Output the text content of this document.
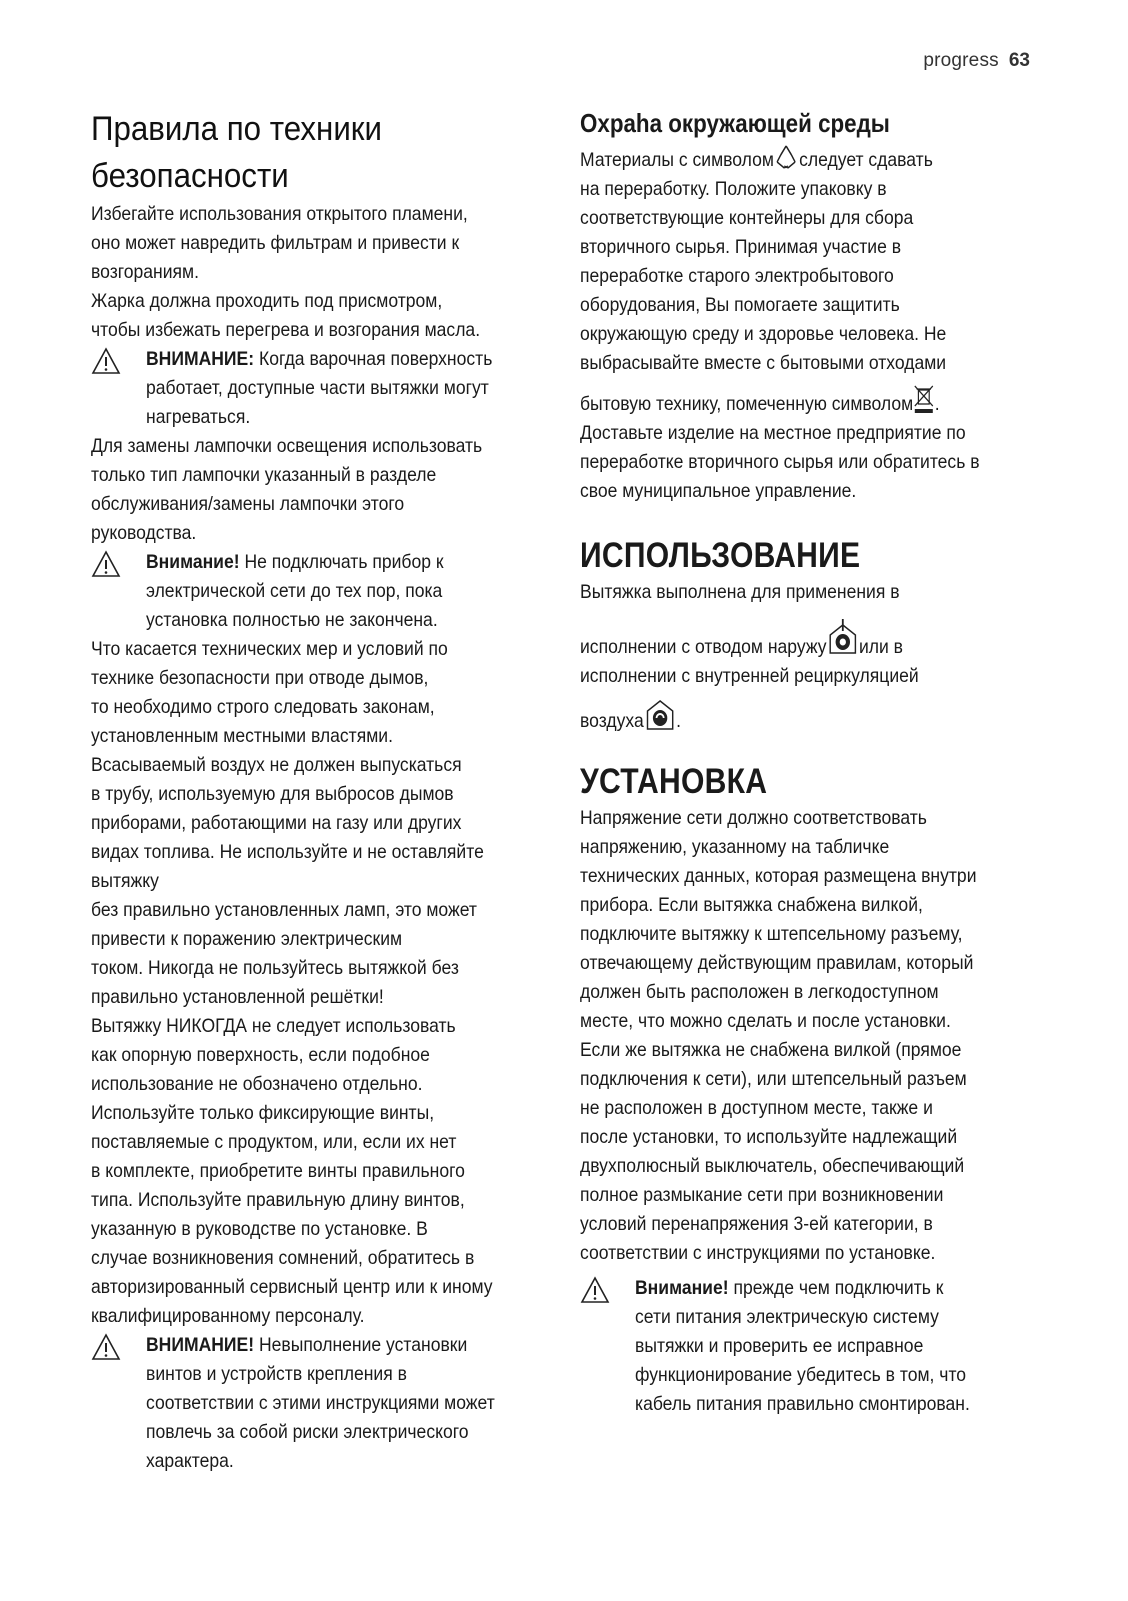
progress 63
Правила по техники
безопасности

Избегайте использования открытого пламени,

оно может навредить фильтрам и привести к

возгораниям.

Жарка должна проходить под присмотром,

чтобы избежать перегрева и возгорания масла.

ВНИМАНИЕ: Когда варочная поверхность

работает, доступные части вытяжки могут

нагреваться.

Для замены лампочки освещения использовать

только тип лампочки указанный в разделе

обслуживания/замены лампочки этого

руководства.

Внимание! Не подключать прибор к

электрической сети до тех пор, пока

установка полностью не закончена.

Что касается технических мер и условий по

технике безопасности при отводе дымов,

то необходимо строго следовать законам,

установленным местными властями.

Всасываемый воздух не должен выпускаться

в трубу, используемую для выбросов дымов

приборами, работающими на газу или других

видах топлива. Не используйте и не оставляйте

вытяжку

без правильно установленных ламп, это может

привести к поражению электрическим

током. Никогда не пользуйтесь вытяжкой без

правильно установленной решётки!

Вытяжку НИКОГДА не следует использовать

как опорную поверхность, если подобное

использование не обозначено отдельно.

Используйте только фиксирующие винты,

поставляемые с продуктом, или, если их нет

в комплекте, приобретите винты правильного

типа. Используйте правильную длину винтов,

указанную в руководстве по установке. В

случае возникновения сомнений, обратитесь в

авторизированный сервисный центр или к иному

квалифицированному персоналу.

ВНИМАНИЕ! Невыполнение установки

винтов и устройств крепления в

соответствии с этими инструкциями может

повлечь за собой риски электрического

характера.

Охраhа окружающей среды

Материалы с символом следует сдавать

на переработку. Положите упаковку в

соответствующие контейнеры для сбора

вторичного сырья. Принимая участие в

переработке старого электробытового

оборудования, Вы помогаете защитить

окружающую среду и здоровье человека. Не

выбрасывайте вместе с бытовыми отходами

бытовую технику, помеченную символом .

Доставьте изделие на местное предприятие по

переработке вторичного сырья или обратитесь в

свое муниципальное управление.

ИСПОЛЬЗОВАНИЕ

Вытяжка выполнена для применения в

исполнении с отводом наружу или в

исполнении с внутренней рециркуляцией

воздуха .

УСТАНОВКА

Напряжение сети должно соответствовать

напряжению, указанному на табличке

технических данных, которая размещена внутри

прибора. Если вытяжка снабжена вилкой,

подключите вытяжку к штепсельному разъему,

отвечающему действующим правилам, который

должен быть расположен в легкодоступном

месте, что можно сделать и после установки.

Если же вытяжка не снабжена вилкой (прямое

подключения к сети), или штепсельный разъем

не расположен в доступном месте, также и

после установки, то используйте надлежащий

двухполюсный выключатель, обеспечивающий

полное размыкание сети при возникновении

условий перенапряжения 3-ей категории, в

соответствии с инструкциями по установке.

Внимание! прежде чем подключить к

сети питания электрическую систему

вытяжки и проверить ее исправное

функционирование убедитесь в том, что

кабель питания правильно смонтирован.
